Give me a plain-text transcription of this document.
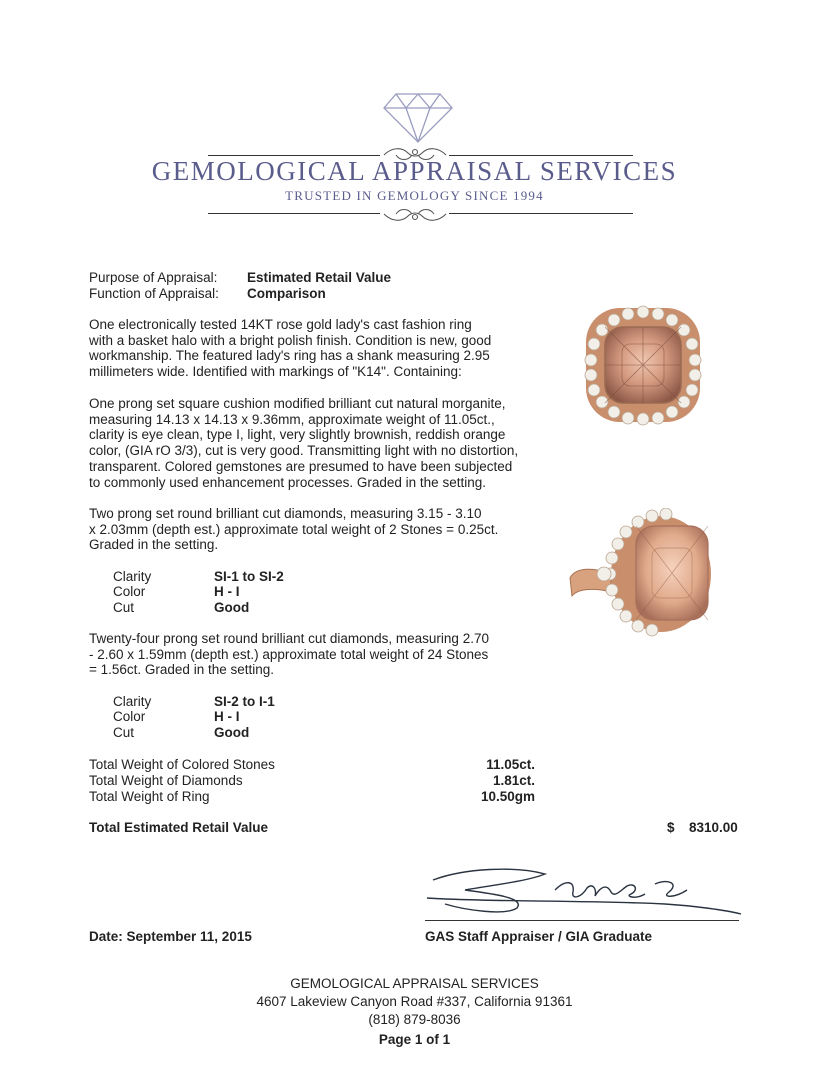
GEMOLOGICAL APPRAISAL SERVICES
TRUSTED IN GEMOLOGY SINCE 1994
Purpose of Appraisal: Estimated Retail Value
Function of Appraisal: Comparison
One electronically tested 14KT rose gold lady's cast fashion ring
with a basket halo with a bright polish finish. Condition is new, good
workmanship. The featured lady's ring has a shank measuring 2.95
millimeters wide. Identified with markings of "K14". Containing:
One prong set square cushion modified brilliant cut natural morganite,
measuring 14.13 x 14.13 x 9.36mm, approximate weight of 11.05ct.,
clarity is eye clean, type I, light, very slightly brownish, reddish orange
color, (GIA rO 3/3), cut is very good. Transmitting light with no distortion,
transparent. Colored gemstones are presumed to have been subjected
to commonly used enhancement processes. Graded in the setting.
Two prong set round brilliant cut diamonds, measuring 3.15 - 3.10
x 2.03mm (depth est.) approximate total weight of 2 Stones = 0.25ct.
Graded in the setting.
Clarity	SI-1 to SI-2
Color	H - I
Cut	Good
Twenty-four prong set round brilliant cut diamonds, measuring 2.70
- 2.60 x 1.59mm (depth est.) approximate total weight of 24 Stones
= 1.56ct. Graded in the setting.
Clarity	SI-2 to I-1
Color	H - I
Cut	Good
Total Weight of Colored Stones	11.05ct.
Total Weight of Diamonds	1.81ct.
Total Weight of Ring	10.50gm
Total Estimated Retail Value	$ 8310.00
Date: September 11, 2015	GAS Staff Appraiser / GIA Graduate
GEMOLOGICAL APPRAISAL SERVICES
4607 Lakeview Canyon Road #337, California 91361
(818) 879-8036
Page 1 of 1
